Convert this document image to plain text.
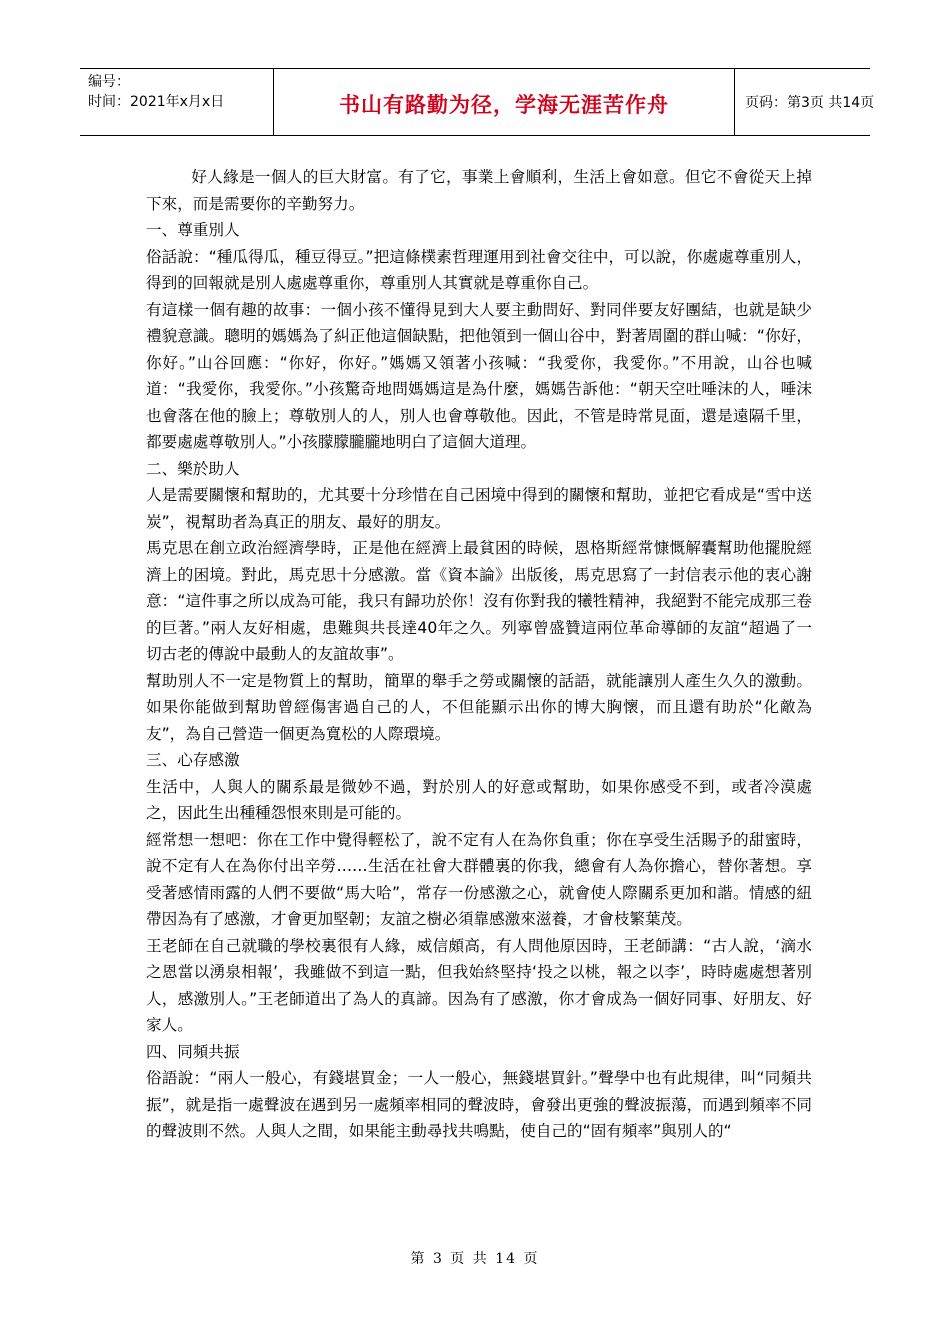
编号：
时间：2021年x月x日	书山有路勤为径，学海无涯苦作舟	页码：第3页 共14页

好人緣是一個人的巨大財富。有了它，事業上會順利，生活上會如意。但它不會從天上掉下來，而是需要你的辛勤努力。

一、尊重別人

俗話說：“種瓜得瓜，種豆得豆。”把這條樸素哲理運用到社會交往中，可以說，你處處尊重別人，得到的回報就是別人處處尊重你，尊重別人其實就是尊重你自己。

有這樣一個有趣的故事：一個小孩不懂得見到大人要主動問好、對同伴要友好團結，也就是缺少禮貌意識。聰明的媽媽為了糾正他這個缺點，把他領到一個山谷中，對著周圍的群山喊：“你好，你好。”山谷回應：“你好，你好。”媽媽又領著小孩喊：“我愛你，我愛你。”不用說，山谷也喊道：“我愛你，我愛你。”小孩驚奇地問媽媽這是為什麼，媽媽告訴他：“朝天空吐唾沫的人，唾沫也會落在他的臉上；尊敬別人的人，別人也會尊敬他。因此，不管是時常見面，還是遠隔千里，都要處處尊敬別人。”小孩朦朦朧朧地明白了這個大道理。

二、樂於助人

人是需要關懷和幫助的，尤其要十分珍惜在自己困境中得到的關懷和幫助，並把它看成是“雪中送炭”，視幫助者為真正的朋友、最好的朋友。

馬克思在創立政治經濟學時，正是他在經濟上最貧困的時候，恩格斯經常慷慨解囊幫助他擺脫經濟上的困境。對此，馬克思十分感激。當《資本論》出版後，馬克思寫了一封信表示他的衷心謝意：“這件事之所以成為可能，我只有歸功於你！沒有你對我的犧牲精神，我絕對不能完成那三卷的巨著。”兩人友好相處，患難與共長達40年之久。列寧曾盛贊這兩位革命導師的友誼“超過了一切古老的傳說中最動人的友誼故事”。

幫助別人不一定是物質上的幫助，簡單的舉手之勞或關懷的話語，就能讓別人產生久久的激動。如果你能做到幫助曾經傷害過自己的人，不但能顯示出你的博大胸懷，而且還有助於“化敵為友”，為自己營造一個更為寬松的人際環境。

三、心存感激

生活中，人與人的關系最是微妙不過，對於別人的好意或幫助，如果你感受不到，或者冷漠處之，因此生出種種怨恨來則是可能的。

經常想一想吧：你在工作中覺得輕松了，說不定有人在為你負重；你在享受生活賜予的甜蜜時，說不定有人在為你付出辛勞……生活在社會大群體裏的你我，總會有人為你擔心，替你著想。享受著感情雨露的人們不要做“馬大哈”，常存一份感激之心，就會使人際關系更加和諧。情感的紐帶因為有了感激，才會更加堅韌；友誼之樹必須靠感激來滋養，才會枝繁葉茂。

王老師在自己就職的學校裏很有人緣，威信頗高，有人問他原因時，王老師講：“古人說，‘滴水之恩當以湧泉相報’，我雖做不到這一點，但我始終堅持‘投之以桃，報之以李’，時時處處想著別人，感激別人。”王老師道出了為人的真諦。因為有了感激，你才會成為一個好同事、好朋友、好家人。

四、同頻共振

俗語說：“兩人一般心，有錢堪買金；一人一般心，無錢堪買針。”聲學中也有此規律，叫“同頻共振”，就是指一處聲波在遇到另一處頻率相同的聲波時，會發出更強的聲波振蕩，而遇到頻率不同的聲波則不然。人與人之間，如果能主動尋找共鳴點，使自己的“固有頻率”與別人的“

第 3 页 共 14 页
